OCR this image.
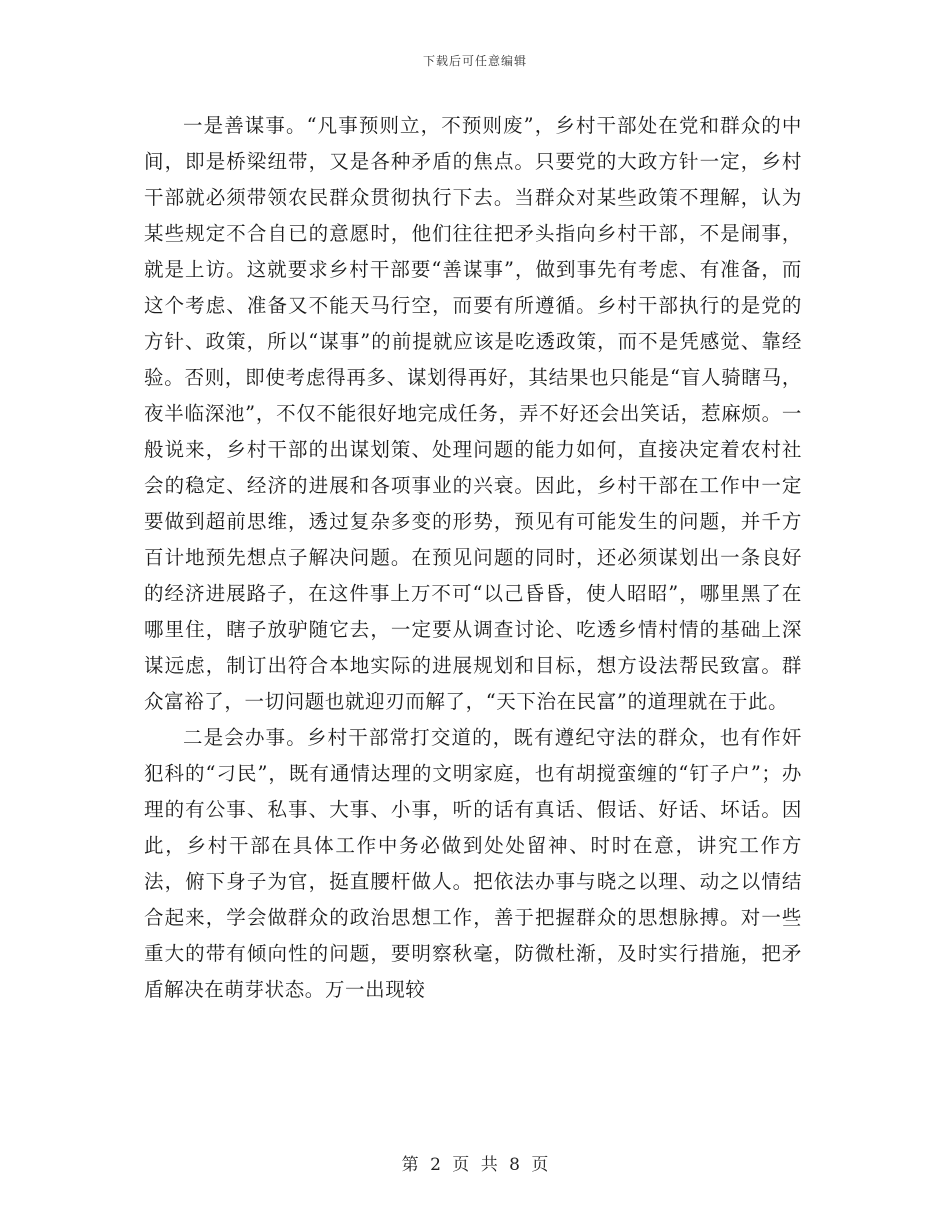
下载后可任意编辑

一是善谋事。“凡事预则立，不预则废”，乡村干部处在党和群众的中间，即是桥梁纽带，又是各种矛盾的焦点。只要党的大政方针一定，乡村干部就必须带领农民群众贯彻执行下去。当群众对某些政策不理解，认为某些规定不合自已的意愿时，他们往往把矛头指向乡村干部，不是闹事，就是上访。这就要求乡村干部要“善谋事”，做到事先有考虑、有准备，而这个考虑、准备又不能天马行空，而要有所遵循。乡村干部执行的是党的方针、政策，所以“谋事”的前提就应该是吃透政策，而不是凭感觉、靠经验。否则，即使考虑得再多、谋划得再好，其结果也只能是“盲人骑瞎马，夜半临深池”，不仅不能很好地完成任务，弄不好还会出笑话，惹麻烦。一般说来，乡村干部的出谋划策、处理问题的能力如何，直接决定着农村社会的稳定、经济的进展和各项事业的兴衰。因此，乡村干部在工作中一定要做到超前思维，透过复杂多变的形势，预见有可能发生的问题，并千方百计地预先想点子解决问题。在预见问题的同时，还必须谋划出一条良好的经济进展路子，在这件事上万不可“以己昏昏，使人昭昭”，哪里黑了在哪里住，瞎子放驴随它去，一定要从调查讨论、吃透乡情村情的基础上深谋远虑，制订出符合本地实际的进展规划和目标，想方设法帮民致富。群众富裕了，一切问题也就迎刃而解了，“天下治在民富”的道理就在于此。

二是会办事。乡村干部常打交道的，既有遵纪守法的群众，也有作奸犯科的“刁民”，既有通情达理的文明家庭，也有胡搅蛮缠的“钉子户”；办理的有公事、私事、大事、小事，听的话有真话、假话、好话、坏话。因此，乡村干部在具体工作中务必做到处处留神、时时在意，讲究工作方法，俯下身子为官，挺直腰杆做人。把依法办事与晓之以理、动之以情结合起来，学会做群众的政治思想工作，善于把握群众的思想脉搏。对一些重大的带有倾向性的问题，要明察秋毫，防微杜渐，及时实行措施，把矛盾解决在萌芽状态。万一出现较

第 2 页 共 8 页
